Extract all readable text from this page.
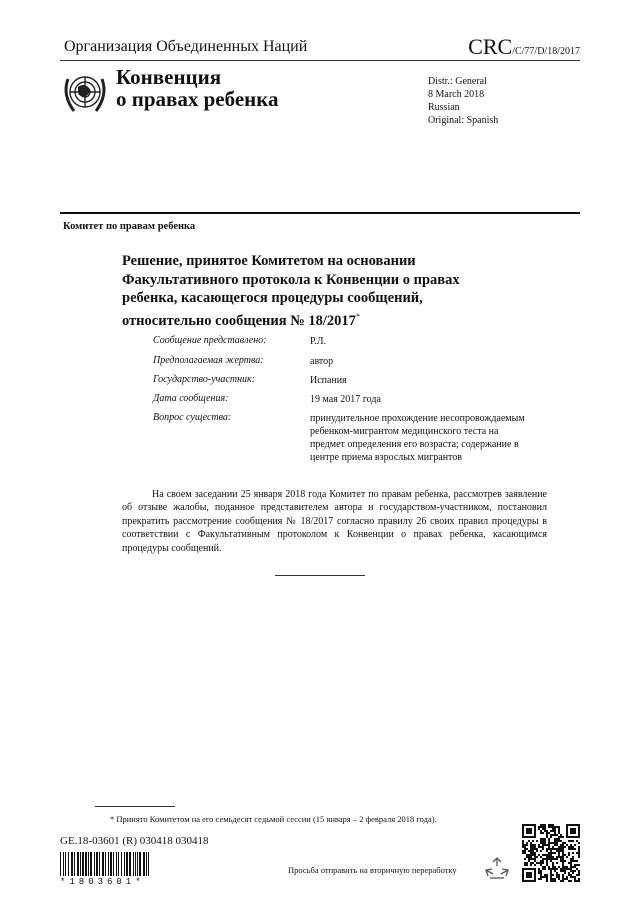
Организация Объединенных Наций	CRC/C/77/D/18/2017
Конвенция
о правах ребенка
Distr.: General
8 March 2018
Russian
Original: Spanish
Комитет по правам ребенка
Решение, принятое Комитетом на основании Факультативного протокола к Конвенции о правах ребенка, касающегося процедуры сообщений, относительно сообщения № 18/2017*
Сообщение представлено:	Р.Л.
Предполагаемая жертва:	автор
Государство-участник:	Испания
Дата сообщения:	19 мая 2017 года
Вопрос существа:	принудительное прохождение несопровождаемым ребенком-мигрантом медицинского теста на предмет определения его возраста; содержание в центре приема взрослых мигрантов
На своем заседании 25 января 2018 года Комитет по правам ребенка, рассмотрев заявление об отзыве жалобы, поданное представителем автора и государством-участником, постановил прекратить рассмотрение сообщения № 18/2017 согласно правилу 26 своих правил процедуры в соответствии с Факультативным протоколом к Конвенции о правах ребенка, касающимся процедуры сообщений.
* Принято Комитетом на его семьдесят седьмой сессии (15 января – 2 февраля 2018 года).
GE.18-03601 (R) 030418 030418
*1803601*
Просьба отправить на вторичную переработку
